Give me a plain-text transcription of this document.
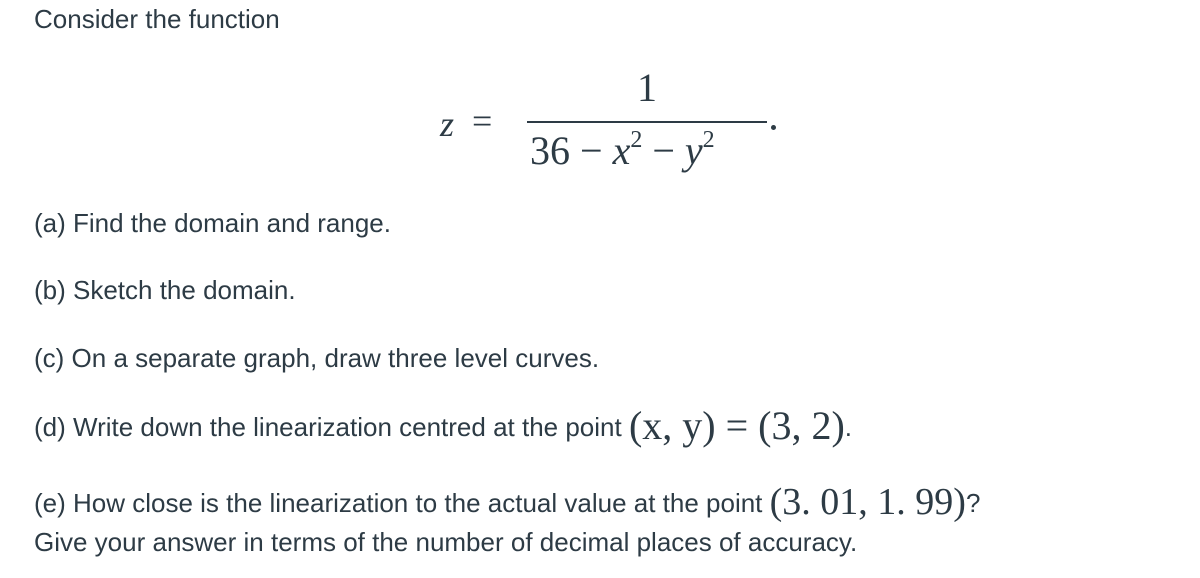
Consider the function
z =
1
$36 - x^2 - y^2$
(a) Find the domain and range.
(b) Sketch the domain.
(c) On a separate graph, draw three level curves.
(d) Write down the linearization centred at the point (x, y) = (3, 2).
(e) How close is the linearization to the actual value at the point (3. 01, 1. 99)?
Give your answer in terms of the number of decimal places of accuracy.
